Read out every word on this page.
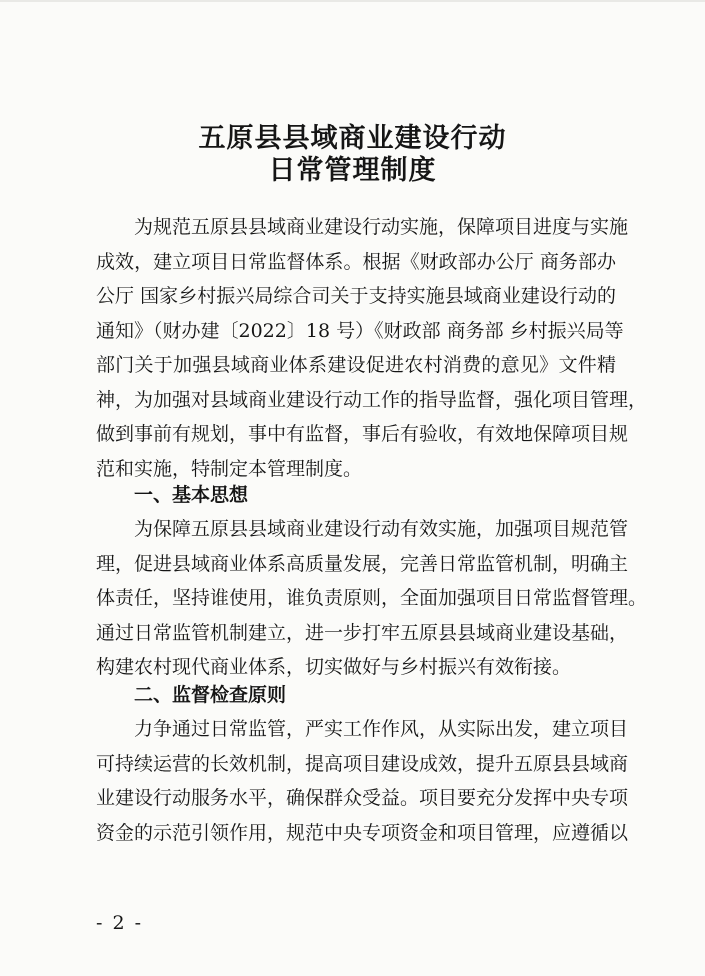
五原县县域商业建设行动
日常管理制度
为规范五原县县域商业建设行动实施，保障项目进度与实施
成效，建立项目日常监督体系。根据《财政部办公厅 商务部办
公厅 国家乡村振兴局综合司关于支持实施县域商业建设行动的
通知》（财办建〔2022〕18 号）《财政部 商务部 乡村振兴局等
部门关于加强县域商业体系建设促进农村消费的意见》文件精
神，为加强对县域商业建设行动工作的指导监督，强化项目管理，
做到事前有规划，事中有监督，事后有验收，有效地保障项目规
范和实施，特制定本管理制度。
一、基本思想
为保障五原县县域商业建设行动有效实施，加强项目规范管
理，促进县域商业体系高质量发展，完善日常监管机制，明确主
体责任，坚持谁使用，谁负责原则，全面加强项目日常监督管理。
通过日常监管机制建立，进一步打牢五原县县域商业建设基础，
构建农村现代商业体系，切实做好与乡村振兴有效衔接。
二、监督检查原则
力争通过日常监管，严实工作作风，从实际出发，建立项目
可持续运营的长效机制，提高项目建设成效，提升五原县县域商
业建设行动服务水平，确保群众受益。项目要充分发挥中央专项
资金的示范引领作用，规范中央专项资金和项目管理，应遵循以
- 2 -
